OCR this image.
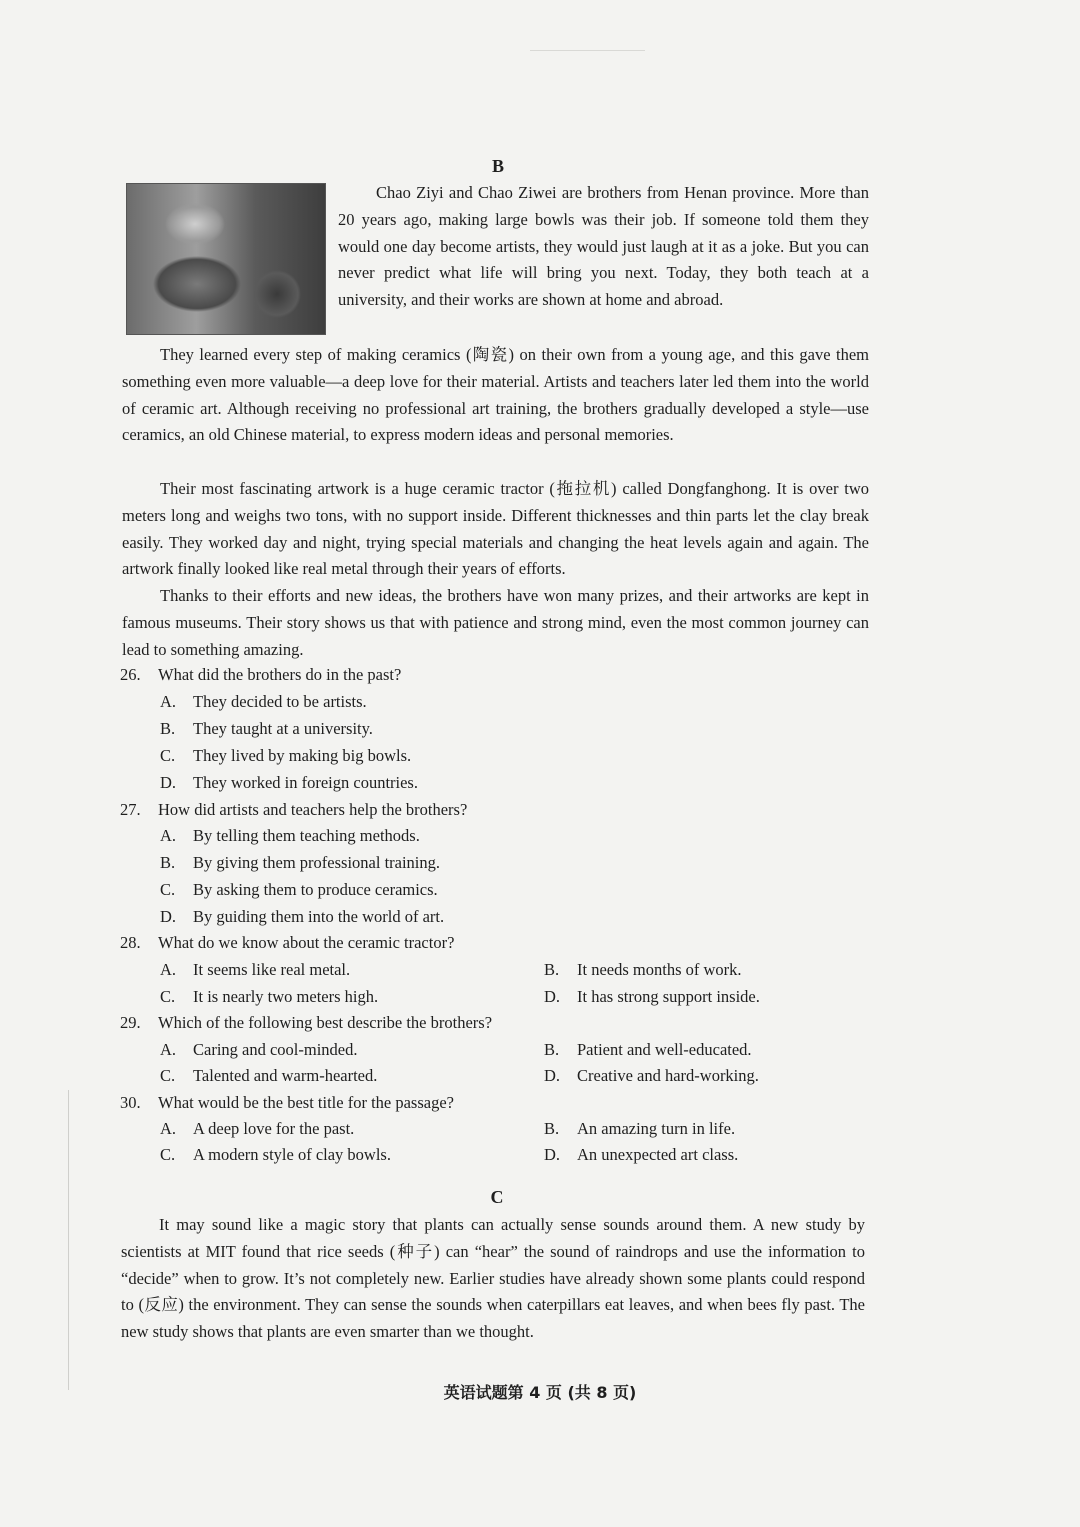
B

Chao Ziyi and Chao Ziwei are brothers from Henan province. More than 20 years ago, making large bowls was their job. If someone told them they would one day become artists, they would just laugh at it as a joke. But you can never predict what life will bring you next. Today, they both teach at a university, and their works are shown at home and abroad.

They learned every step of making ceramics (陶瓷) on their own from a young age, and this gave them something even more valuable—a deep love for their material. Artists and teachers later led them into the world of ceramic art. Although receiving no professional art training, the brothers gradually developed a style—use ceramics, an old Chinese material, to express modern ideas and personal memories.

Their most fascinating artwork is a huge ceramic tractor (拖拉机) called Dongfanghong. It is over two meters long and weighs two tons, with no support inside. Different thicknesses and thin parts let the clay break easily. They worked day and night, trying special materials and changing the heat levels again and again. The artwork finally looked like real metal through their years of efforts.

Thanks to their efforts and new ideas, the brothers have won many prizes, and their artworks are kept in famous museums. Their story shows us that with patience and strong mind, even the most common journey can lead to something amazing.

26. What did the brothers do in the past?
A. They decided to be artists.
B. They taught at a university.
C. They lived by making big bowls.
D. They worked in foreign countries.
27. How did artists and teachers help the brothers?
A. By telling them teaching methods.
B. By giving them professional training.
C. By asking them to produce ceramics.
D. By guiding them into the world of art.
28. What do we know about the ceramic tractor?
A. It seems like real metal.	B. It needs months of work.
C. It is nearly two meters high.	D. It has strong support inside.
29. Which of the following best describe the brothers?
A. Caring and cool-minded.	B. Patient and well-educated.
C. Talented and warm-hearted.	D. Creative and hard-working.
30. What would be the best title for the passage?
A. A deep love for the past.	B. An amazing turn in life.
C. A modern style of clay bowls.	D. An unexpected art class.
C

It may sound like a magic story that plants can actually sense sounds around them. A new study by scientists at MIT found that rice seeds (种子) can “hear” the sound of raindrops and use the information to “decide” when to grow. It’s not completely new. Earlier studies have already shown some plants could respond to (反应) the environment. They can sense the sounds when caterpillars eat leaves, and when bees fly past. The new study shows that plants are even smarter than we thought.

英语试题第 4 页 (共 8 页)
